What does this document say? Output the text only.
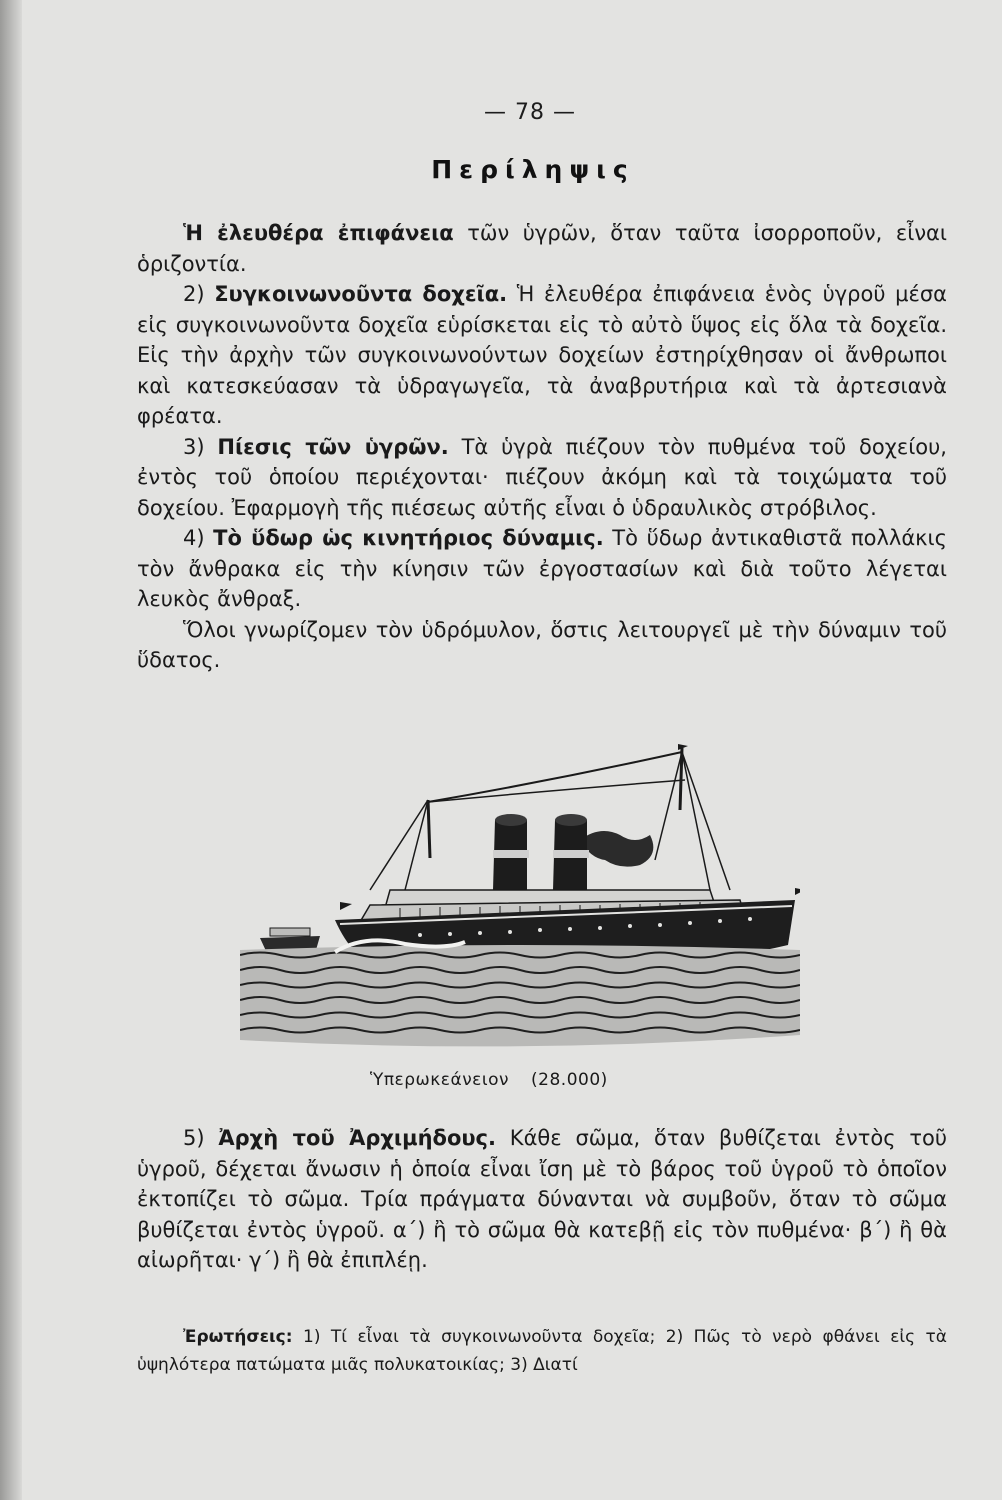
— 78 —
Περίληψις

Ἡ ἐλευθέρα ἐπιφάνεια τῶν ὑγρῶν, ὅταν ταῦτα ἰσορροποῦν, εἶναι ὁριζοντία.

2) Συγκοινωνοῦντα δοχεῖα. Ἡ ἐλευθέρα ἐπιφάνεια ἑνὸς ὑγροῦ μέσα εἰς συγκοινωνοῦντα δοχεῖα εὑρίσκεται εἰς τὸ αὐτὸ ὕψος εἰς ὅλα τὰ δοχεῖα. Εἰς τὴν ἀρχὴν τῶν συγκοινωνούντων δοχείων ἐστηρίχθησαν οἱ ἄνθρωποι καὶ κατεσκεύασαν τὰ ὑδραγωγεῖα, τὰ ἀναβρυτήρια καὶ τὰ ἀρτεσιανὰ φρέατα.

3) Πίεσις τῶν ὑγρῶν. Τὰ ὑγρὰ πιέζουν τὸν πυθμένα τοῦ δοχείου, ἐντὸς τοῦ ὁποίου περιέχονται· πιέζουν ἀκόμη καὶ τὰ τοιχώματα τοῦ δοχείου. Ἐφαρμογὴ τῆς πιέσεως αὐτῆς εἶναι ὁ ὑδραυλικὸς στρόβιλος.

4) Τὸ ὕδωρ ὡς κινητήριος δύναμις. Τὸ ὕδωρ ἀντικαθιστᾶ πολλάκις τὸν ἄνθρακα εἰς τὴν κίνησιν τῶν ἐργοστασίων καὶ διὰ τοῦτο λέγεται λευκὸς ἄνθραξ.

Ὅλοι γνωρίζομεν τὸν ὑδρόμυλον, ὅστις λειτουργεῖ μὲ τὴν δύναμιν τοῦ ὕδατος.

Ὑπερωκεάνειον (28.000)

5) Ἀρχὴ τοῦ Ἀρχιμήδους. Κάθε σῶμα, ὅταν βυθίζεται ἐντὸς τοῦ ὑγροῦ, δέχεται ἄνωσιν ἡ ὁποία εἶναι ἴση μὲ τὸ βάρος τοῦ ὑγροῦ τὸ ὁποῖον ἐκτοπίζει τὸ σῶμα. Τρία πράγματα δύνανται νὰ συμβοῦν, ὅταν τὸ σῶμα βυθίζεται ἐντὸς ὑγροῦ. α΄) ἢ τὸ σῶμα θὰ κατεβῇ εἰς τὸν πυθμένα· β΄) ἢ θὰ αἰωρῆται· γ΄) ἢ θὰ ἐπιπλέῃ.

Ἐρωτήσεις: 1) Τί εἶναι τὰ συγκοινωνοῦντα δοχεῖα; 2) Πῶς τὸ νερὸ φθάνει εἰς τὰ ὑψηλότερα πατώματα μιᾶς πολυκατοικίας; 3) Διατί
